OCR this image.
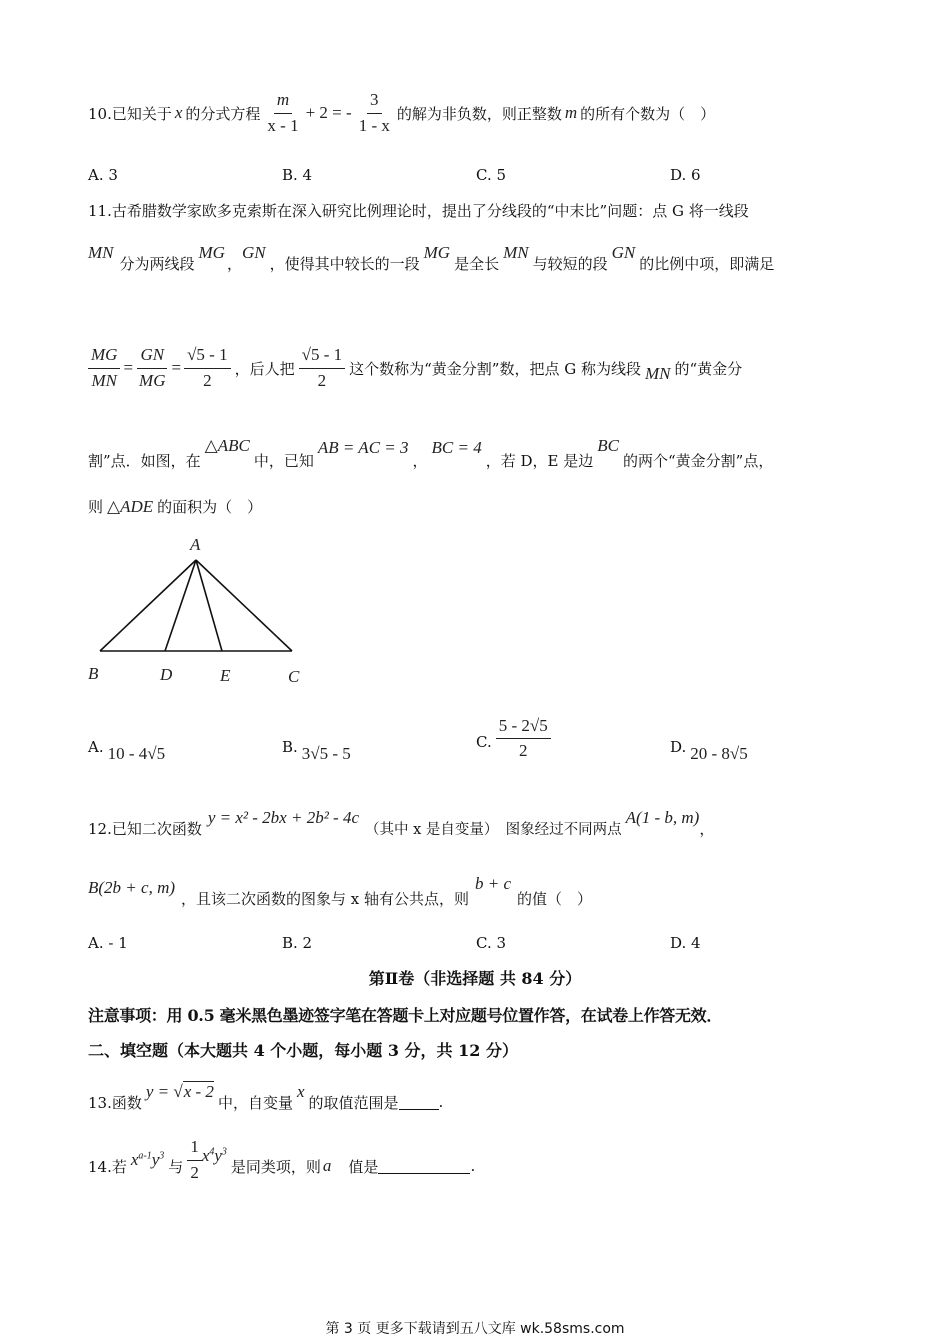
10.已知关于 x 的分式方程 $\frac{m}{x - 1} + 2$ = - $\frac{3}{1 - x}$ 的解为非负数，则正整数 m 的所有个数为（　）
A. 3	B. 4	C. 5	D. 6
11.古希腊数学家欧多克索斯在深入研究比例理论时，提出了分线段的“中末比”问题：点 G 将一线段
MN
分为两线段
MG
，
GN
，使得其中较长的一段
MG
是全长
MN
与较短的段
GN
的比例中项，即满足
$\frac{MG}{MN} = \frac{GN}{MG} = \frac{√5 - 1}{2}$ ，后人把 $\frac{√5 - 1}{2}$ 这个数称为“黄金分割”数，把点 G 称为线段 MN 的“黄金分
割”点．如图，在
△ABC
中，已知
AB = AC = 3
，
BC = 4
，若 D，E 是边
BC
的两个“黄金分割”点，
则 △ADE 的面积为（　）
A
B	D	E	C
A. 10 - 4√5	B. 3√5 - 5
C. $\frac{5 - 2√5}{2}$	D. 20 - 8√5
12.已知二次函数
y = x² - 2bx + 2b² - 4c
（其中 x 是自变量）　图象经过不同两点
A(1 - b, m)
，
B(2b + c, m)
，且该二次函数的图象与 x 轴有公共点，则
b + c
的值（　）
A. - 1	B. 2	C. 3	D. 4
第Ⅱ卷（非选择题 共 84 分）
注意事项：用 0.5 毫米黑色墨迹签字笔在答题卡上对应题号位置作答，在试卷上作答无效．
二、填空题（本大题共 4 个小题，每小题 3 分，共 12 分）
13.函数
y = √x - 2
中，自变量
x
的取值范围是	.
14.若 $x^{a-1}y^3$
与 $\frac{1}{2} x^4y^3$
是同类项，则 a 　值是	.
第 3 页 更多下载请到五八文库 wk.58sms.com
